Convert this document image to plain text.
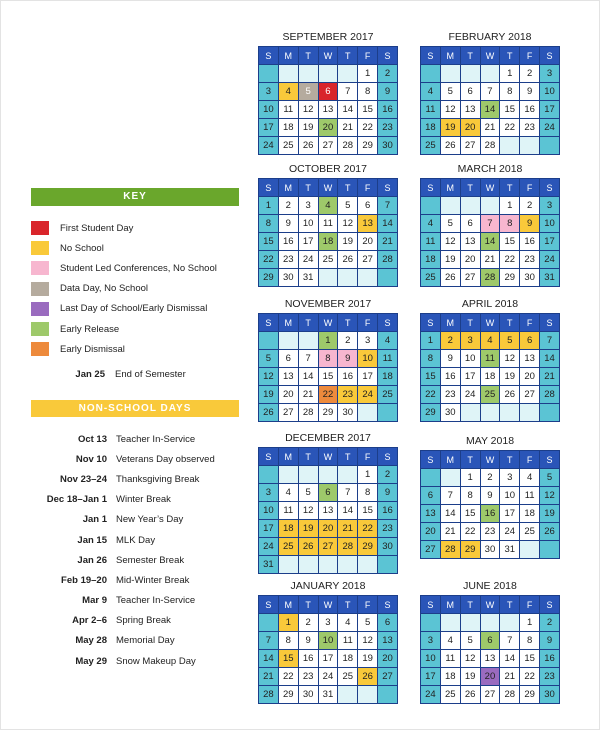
KEY
First Student Day
No School
Student Led Conferences, No School
Data Day, No School
Last Day of School/Early Dismissal
Early Release
Early Dismissal
Jan 25 End of Semester
NON-SCHOOL DAYS
Oct 13 Teacher In-Service
Nov 10 Veterans Day observed
Nov 23–24 Thanksgiving Break
Dec 18–Jan 1 Winter Break
Jan 1 New Year’s Day
Jan 15 MLK Day
Jan 26 Semester Break
Feb 19–20 Mid-Winter Break
Mar 9 Teacher In-Service
Apr 2–6 Spring Break
May 28 Memorial Day
May 29 Snow Makeup Day
SEPTEMBER 2017
S	M	T	W	T	F	S
					1	2
3	4	5	6	7	8	9
10	11	12	13	14	15	16
17	18	19	20	21	22	23
24	25	26	27	28	29	30
OCTOBER 2017
S	M	T	W	T	F	S
1	2	3	4	5	6	7
8	9	10	11	12	13	14
15	16	17	18	19	20	21
22	23	24	25	26	27	28
29	30	31				
NOVEMBER 2017
S	M	T	W	T	F	S
			1	2	3	4
5	6	7	8	9	10	11
12	13	14	15	16	17	18
19	20	21	22	23	24	25
26	27	28	29	30		
DECEMBER 2017
S	M	T	W	T	F	S
					1	2
3	4	5	6	7	8	9
10	11	12	13	14	15	16
17	18	19	20	21	22	23
24	25	26	27	28	29	30
31						
JANUARY 2018
S	M	T	W	T	F	S
	1	2	3	4	5	6
7	8	9	10	11	12	13
14	15	16	17	18	19	20
21	22	23	24	25	26	27
28	29	30	31			
FEBRUARY 2018
S	M	T	W	T	F	S
				1	2	3
4	5	6	7	8	9	10
11	12	13	14	15	16	17
18	19	20	21	22	23	24
25	26	27	28			
MARCH 2018
S	M	T	W	T	F	S
				1	2	3
4	5	6	7	8	9	10
11	12	13	14	15	16	17
18	19	20	21	22	23	24
25	26	27	28	29	30	31
APRIL 2018
S	M	T	W	T	F	S
1	2	3	4	5	6	7
8	9	10	11	12	13	14
15	16	17	18	19	20	21
22	23	24	25	26	27	28
29	30					
MAY 2018
S	M	T	W	T	F	S
		1	2	3	4	5
6	7	8	9	10	11	12
13	14	15	16	17	18	19
20	21	22	23	24	25	26
27	28	29	30	31		
JUNE 2018
S	M	T	W	T	F	S
					1	2
3	4	5	6	7	8	9
10	11	12	13	14	15	16
17	18	19	20	21	22	23
24	25	26	27	28	29	30
